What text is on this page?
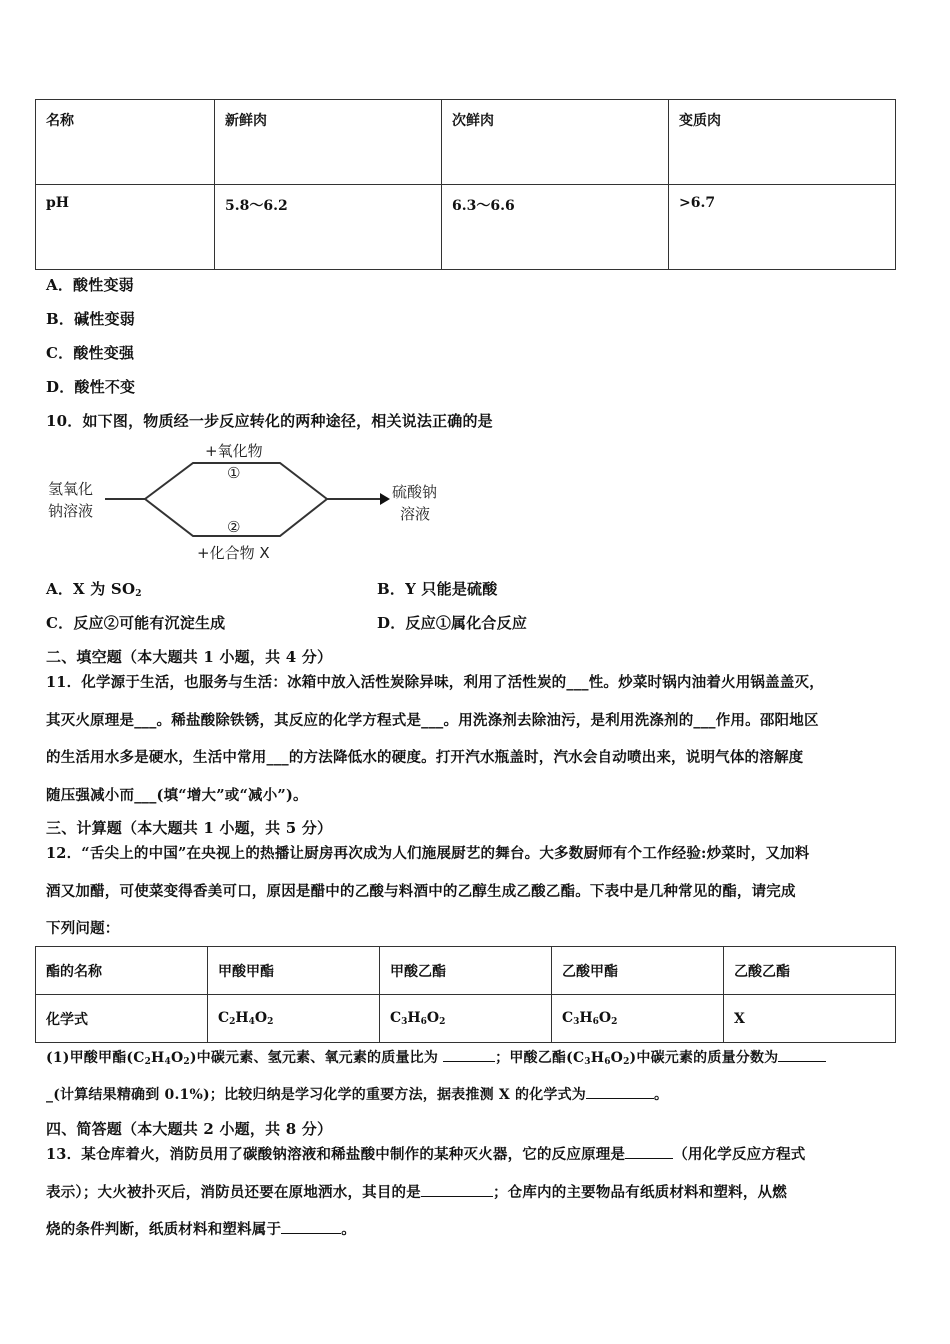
名称	新鲜肉	次鲜肉	变质肉
pH	5.8～6.2	6.3～6.6	>6.7
A．酸性变弱
B．碱性变弱
C．酸性变强
D．酸性不变
10．如下图，物质经一步反应转化的两种途径，相关说法正确的是
氢氧化
钠溶液
+氧化物
①
②
+化合物 X
硫酸钠
溶液
A．X 为 $SO_2$	B．Y 只能是硫酸
C．反应②可能有沉淀生成	D．反应①属化合反应
二、填空题（本大题共 1 小题，共 4 分）
11．化学源于生活，也服务与生活：冰箱中放入活性炭除异味，利用了活性炭的___性。炒菜时锅内油着火用锅盖盖灭，
其灭火原理是___。稀盐酸除铁锈，其反应的化学方程式是___。用洗涤剂去除油污，是利用洗涤剂的___作用。邵阳地区
的生活用水多是硬水，生活中常用___的方法降低水的硬度。打开汽水瓶盖时，汽水会自动喷出来，说明气体的溶解度
随压强减小而___(填“增大”或“减小”)。
三、计算题（本大题共 1 小题，共 5 分）
12．“舌尖上的中国”在央视上的热播让厨房再次成为人们施展厨艺的舞台。大多数厨师有个工作经验:炒菜时，又加料
酒又加醋，可使菜变得香美可口，原因是醋中的乙酸与料酒中的乙醇生成乙酸乙酯。下表中是几种常见的酯，请完成
下列问题：
酯的名称	甲酸甲酯	甲酸乙酯	乙酸甲酯	乙酸乙酯
化学式	$C_2H_4O_2$	$C_3H_6O_2$	$C_3H_6O_2$	X
(1)甲酸甲酯$(C_2H_4O_2)$中碳元素、氢元素、氧元素的质量比为	；甲酸乙酯$(C_3H_6O_2)$中碳元素的质量分数为
_(计算结果精确到 0.1%)；比较归纳是学习化学的重要方法，据表推测 X 的化学式为	。
四、简答题（本大题共 2 小题，共 8 分）
13．某仓库着火，消防员用了碳酸钠溶液和稀盐酸中制作的某种灭火器，它的反应原理是	（用化学反应方程式
表示）；大火被扑灭后，消防员还要在原地洒水，其目的是	；仓库内的主要物品有纸质材料和塑料，从燃
烧的条件判断，纸质材料和塑料属于	。
